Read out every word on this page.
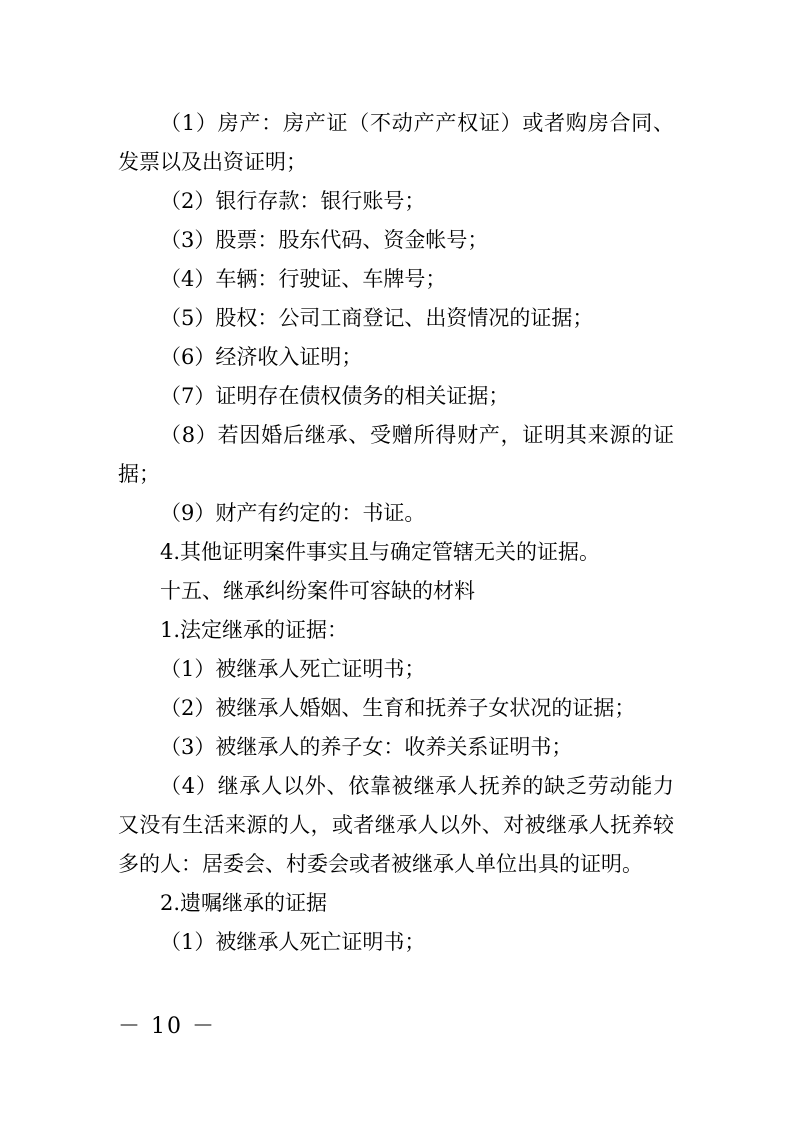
（1）房产：房产证（不动产产权证）或者购房合同、发票以及出资证明；

（2）银行存款：银行账号；

（3）股票：股东代码、资金帐号；

（4）车辆：行驶证、车牌号；

（5）股权：公司工商登记、出资情况的证据；

（6）经济收入证明；

（7）证明存在债权债务的相关证据；

（8）若因婚后继承、受赠所得财产，证明其来源的证据；

（9）财产有约定的：书证。

4.其他证明案件事实且与确定管辖无关的证据。

十五、继承纠纷案件可容缺的材料

1.法定继承的证据：

（1）被继承人死亡证明书；

（2）被继承人婚姻、生育和抚养子女状况的证据；

（3）被继承人的养子女：收养关系证明书；

（4）继承人以外、依靠被继承人抚养的缺乏劳动能力又没有生活来源的人，或者继承人以外、对被继承人抚养较多的人：居委会、村委会或者被继承人单位出具的证明。

2.遗嘱继承的证据

（1）被继承人死亡证明书；

－ 10 －
